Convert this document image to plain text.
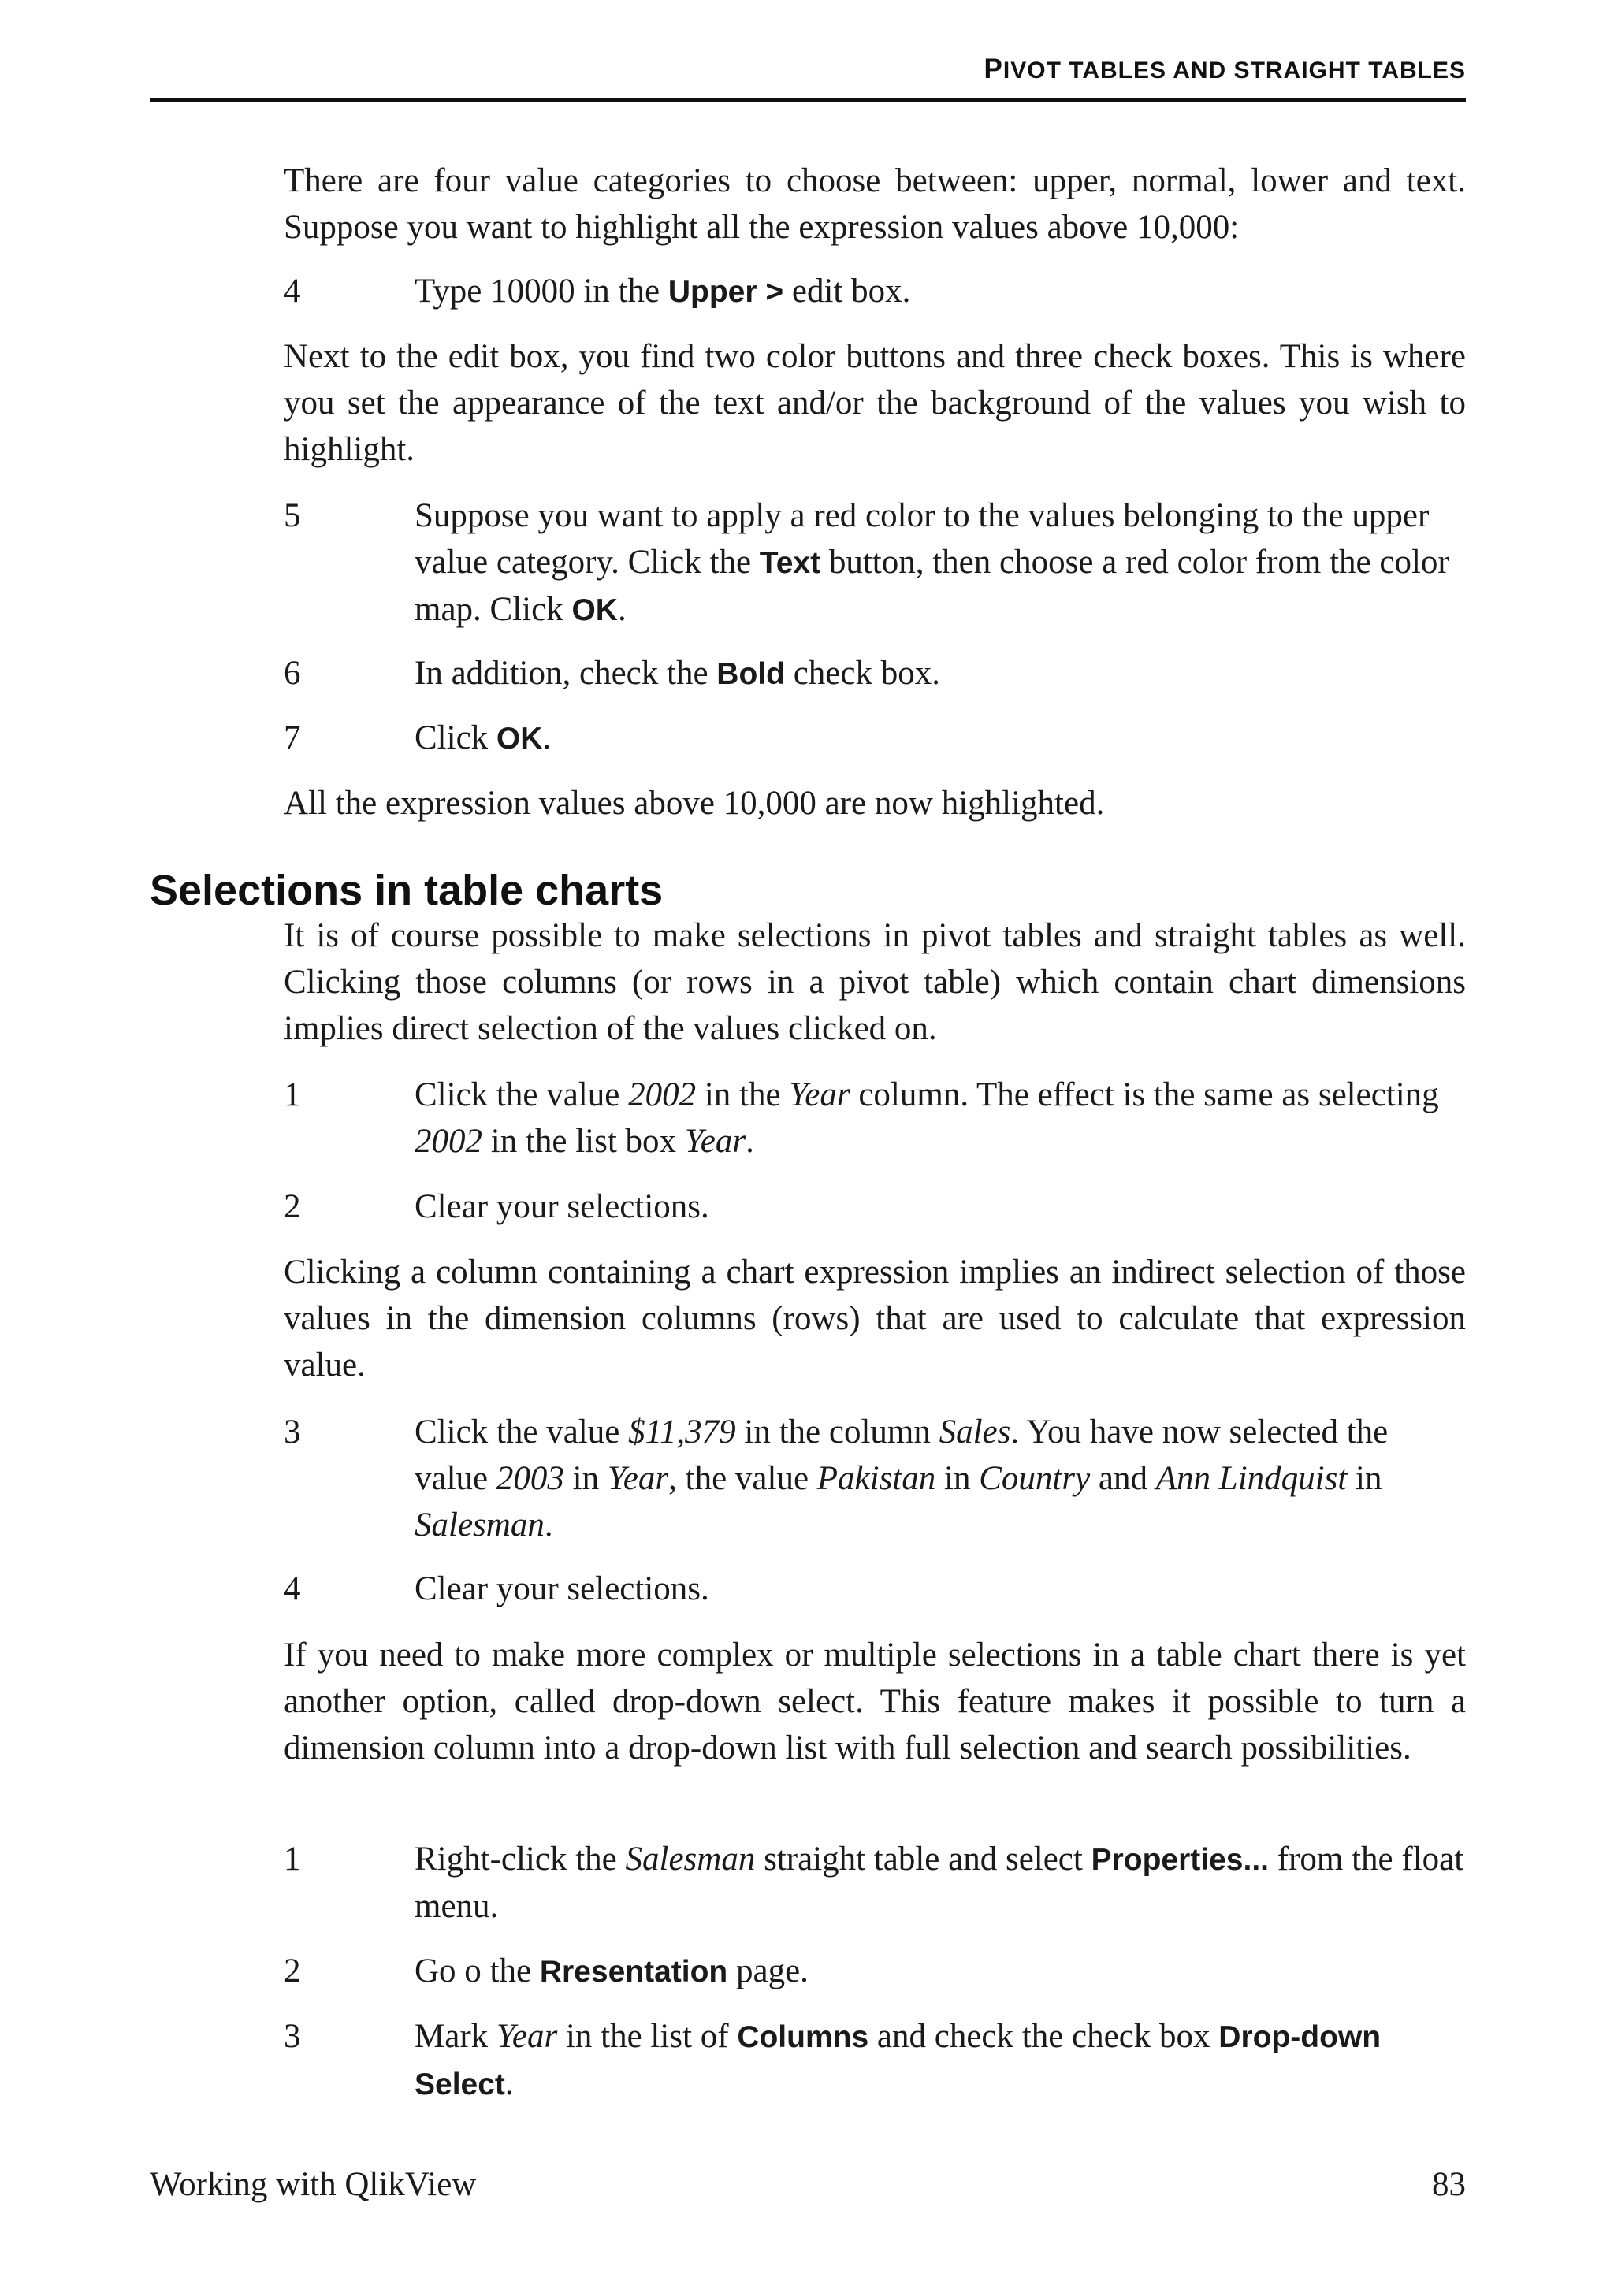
PIVOT TABLES AND STRAIGHT TABLES

There are four value categories to choose between: upper, normal, lower and text. Suppose you want to highlight all the expression values above 10,000:

4	Type 10000 in the Upper > edit box.

Next to the edit box, you find two color buttons and three check boxes. This is where you set the appearance of the text and/or the background of the values you wish to highlight.

5	Suppose you want to apply a red color to the values belonging to the upper value category. Click the Text button, then choose a red color from the color map. Click OK.
6	In addition, check the Bold check box.
7	Click OK.

All the expression values above 10,000 are now highlighted.

Selections in table charts

It is of course possible to make selections in pivot tables and straight tables as well. Clicking those columns (or rows in a pivot table) which contain chart dimensions implies direct selection of the values clicked on.

1	Click the value 2002 in the Year column. The effect is the same as selecting 2002 in the list box Year.
2	Clear your selections.

Clicking a column containing a chart expression implies an indirect selection of those values in the dimension columns (rows) that are used to calculate that expression value.

3	Click the value $11,379 in the column Sales. You have now selected the value 2003 in Year, the value Pakistan in Country and Ann Lindquist in Salesman.
4	Clear your selections.

If you need to make more complex or multiple selections in a table chart there is yet another option, called drop-down select. This feature makes it possible to turn a dimension column into a drop-down list with full selection and search possibilities.

1	Right-click the Salesman straight table and select Properties... from the float menu.
2	Go o the Rresentation page.
3	Mark Year in the list of Columns and check the check box Drop-down Select.
Working with QlikView	83
